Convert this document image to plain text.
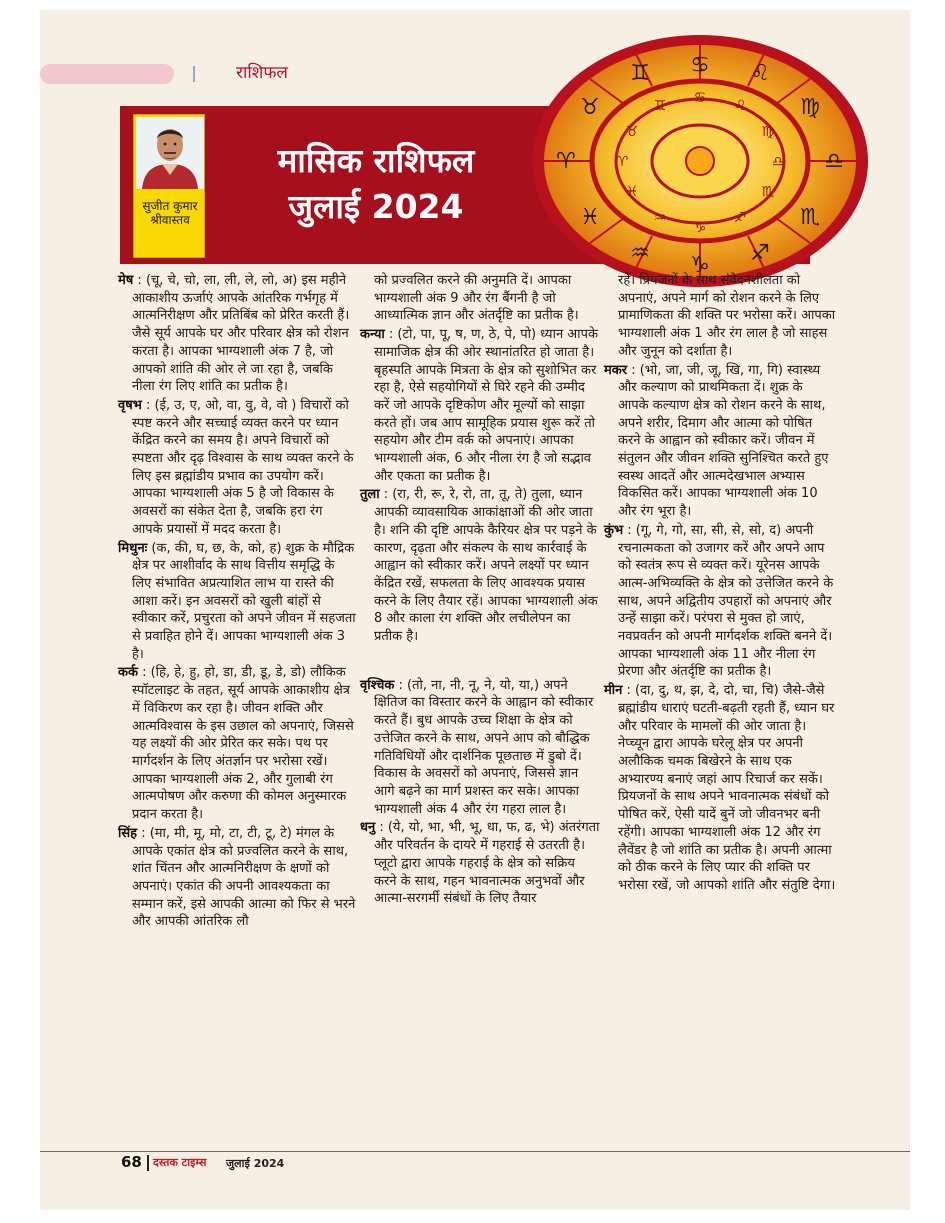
राशिफल
सुजीत कुमार श्रीवास्तव
मासिक राशिफल
जुलाई 2024
♋ ♌
♍
♎
♏
♐
♑
♒
♓
♈
♉
♊
♋ ♌
♍
♎
♏
♐
♑
♒
♓
♈
♉
♊

मेष : (चू, चे, चो, ला, ली, ले, लो, अ) इस महीने आकाशीय ऊर्जाएं आपके आंतरिक गर्भगृह में आत्मनिरीक्षण और प्रतिबिंब को प्रेरित करती हैं। जैसे सूर्य आपके घर और परिवार क्षेत्र को रोशन करता है। आपका भाग्यशाली अंक 7 है, जो आपको शांति की ओर ले जा रहा है, जबकि नीला रंग लिए शांति का प्रतीक है।

वृषभ : (ई, उ, ए, ओ, वा, वु, वे, वो ) विचारों को स्पष्ट करने और सच्चाई व्यक्त करने पर ध्यान केंद्रित करने का समय है। अपने विचारों को स्पष्टता और दृढ़ विश्वास के साथ व्यक्त करने के लिए इस ब्रह्मांडीय प्रभाव का उपयोग करें। आपका भाग्यशाली अंक 5 है जो विकास के अवसरों का संकेत देता है, जबकि हरा रंग आपके प्रयासों में मदद करता है।

मिथुनः (क, की, घ, छ, के, को, ह) शुक्र के मौद्रिक क्षेत्र पर आशीर्वाद के साथ वित्तीय समृद्धि के लिए संभावित अप्रत्याशित लाभ या रास्ते की आशा करें। इन अवसरों को खुली बांहों से स्वीकार करें, प्रचुरता को अपने जीवन में सहजता से प्रवाहित होने दें। आपका भाग्यशाली अंक 3 है।

कर्क : (हि, हे, हु, हो, डा, डी, डू, डे, डो) लौकिक स्पॉटलाइट के तहत, सूर्य आपके आकाशीय क्षेत्र में विकिरण कर रहा है। जीवन शक्ति और आत्मविश्वास के इस उछाल को अपनाएं, जिससे यह लक्ष्यों की ओर प्रेरित कर सके। पथ पर मार्गदर्शन के लिए अंतर्ज्ञान पर भरोसा रखें। आपका भाग्यशाली अंक 2, और गुलाबी रंग आत्मपोषण और करुणा की कोमल अनुस्मारक प्रदान करता है।

सिंह : (मा, मी, मू, मो, टा, टी, टू, टे) मंगल के आपके एकांत क्षेत्र को प्रज्वलित करने के साथ, शांत चिंतन और आत्मनिरीक्षण के क्षणों को अपनाएं। एकांत की अपनी आवश्यकता का सम्मान करें, इसे आपकी आत्मा को फिर से भरने और आपकी आंतरिक लौ

को प्रज्वलित करने की अनुमति दें। आपका भाग्यशाली अंक 9 और रंग बैंगनी है जो आध्यात्मिक ज्ञान और अंतर्दृष्टि का प्रतीक है।

कन्या : (टो, पा, पू, ष, ण, ठे, पे, पो) ध्यान आपके सामाजिक क्षेत्र की ओर स्थानांतरित हो जाता है। बृहस्पति आपके मित्रता के क्षेत्र को सुशोभित कर रहा है, ऐसे सहयोगियों से घिरे रहने की उम्मीद करें जो आपके दृष्टिकोण और मूल्यों को साझा करते हों। जब आप सामूहिक प्रयास शुरू करें तो सहयोग और टीम वर्क को अपनाएं। आपका भाग्यशाली अंक, 6 और नीला रंग है जो सद्भाव और एकता का प्रतीक है।

तुला : (रा, री, रू, रे, रो, ता, तू, ते) तुला, ध्यान आपकी व्यावसायिक आकांक्षाओं की ओर जाता है। शनि की दृष्टि आपके कैरियर क्षेत्र पर पड़ने के कारण, दृढ़ता और संकल्प के साथ कार्रवाई के आह्वान को स्वीकार करें। अपने लक्ष्यों पर ध्यान केंद्रित रखें, सफलता के लिए आवश्यक प्रयास करने के लिए तैयार रहें। आपका भाग्यशाली अंक 8 और काला रंग शक्ति और लचीलेपन का प्रतीक है।

वृश्चिक : (तो, ना, नी, नू, ने, यो, या,) अपने क्षितिज का विस्तार करने के आह्वान को स्वीकार करते हैं। बुध आपके उच्च शिक्षा के क्षेत्र को उत्तेजित करने के साथ, अपने आप को बौद्धिक गतिविधियों और दार्शनिक पूछताछ में डुबो दें। विकास के अवसरों को अपनाएं, जिससे ज्ञान आगे बढ़ने का मार्ग प्रशस्त कर सके। आपका भाग्यशाली अंक 4 और रंग गहरा लाल है।

धनु : (ये, यो, भा, भी, भू, धा, फ, ढ, भे) अंतरंगता और परिवर्तन के दायरे में गहराई से उतरती है। प्लूटो द्वारा आपके गहराई के क्षेत्र को सक्रिय करने के साथ, गहन भावनात्मक अनुभवों और आत्मा-सरगर्मी संबंधों के लिए तैयार

रहें। प्रियजनों के साथ संवेदनशीलता को अपनाएं, अपने मार्ग को रोशन करने के लिए प्रामाणिकता की शक्ति पर भरोसा करें। आपका भाग्यशाली अंक 1 और रंग लाल है जो साहस और जुनून को दर्शाता है।

मकर : (भो, जा, जी, जू, खि, गा, गि) स्वास्थ्य और कल्याण को प्राथमिकता दें। शुक्र के आपके कल्याण क्षेत्र को रोशन करने के साथ, अपने शरीर, दिमाग और आत्मा को पोषित करने के आह्वान को स्वीकार करें। जीवन में संतुलन और जीवन शक्ति सुनिश्चित करते हुए स्वस्थ आदतें और आत्मदेखभाल अभ्यास विकसित करें। आपका भाग्यशाली अंक 10 और रंग भूरा है।

कुंभ : (गू, गे, गो, सा, सी, से, सो, द) अपनी रचनात्मकता को उजागर करें और अपने आप को स्वतंत्र रूप से व्यक्त करें। यूरेनस आपके आत्म-अभिव्यक्ति के क्षेत्र को उत्तेजित करने के साथ, अपने अद्वितीय उपहारों को अपनाएं और उन्हें साझा करें। परंपरा से मुक्त हो जाएं, नवप्रवर्तन को अपनी मार्गदर्शक शक्ति बनने दें। आपका भाग्यशाली अंक 11 और नीला रंग प्रेरणा और अंतर्दृष्टि का प्रतीक है।

मीन : (दा, दु, थ, झ, दे, दो, चा, चि) जैसे-जैसे ब्रह्मांडीय धाराएं घटती-बढ़ती रहती हैं, ध्यान घर और परिवार के मामलों की ओर जाता है। नेप्च्यून द्वारा आपके घरेलू क्षेत्र पर अपनी अलौकिक चमक बिखेरने के साथ एक अभ्यारण्य बनाएं जहां आप रिचार्ज कर सकें। प्रियजनों के साथ अपने भावनात्मक संबंधों को पोषित करें, ऐसी यादें बुनें जो जीवनभर बनी रहेंगी। आपका भाग्यशाली अंक 12 और रंग लैवेंडर है जो शांति का प्रतीक है। अपनी आत्मा को ठीक करने के लिए प्यार की शक्ति पर भरोसा रखें, जो आपको शांति और संतुष्टि देगा।

68 दस्तक टाइम्स जुलाई 2024
